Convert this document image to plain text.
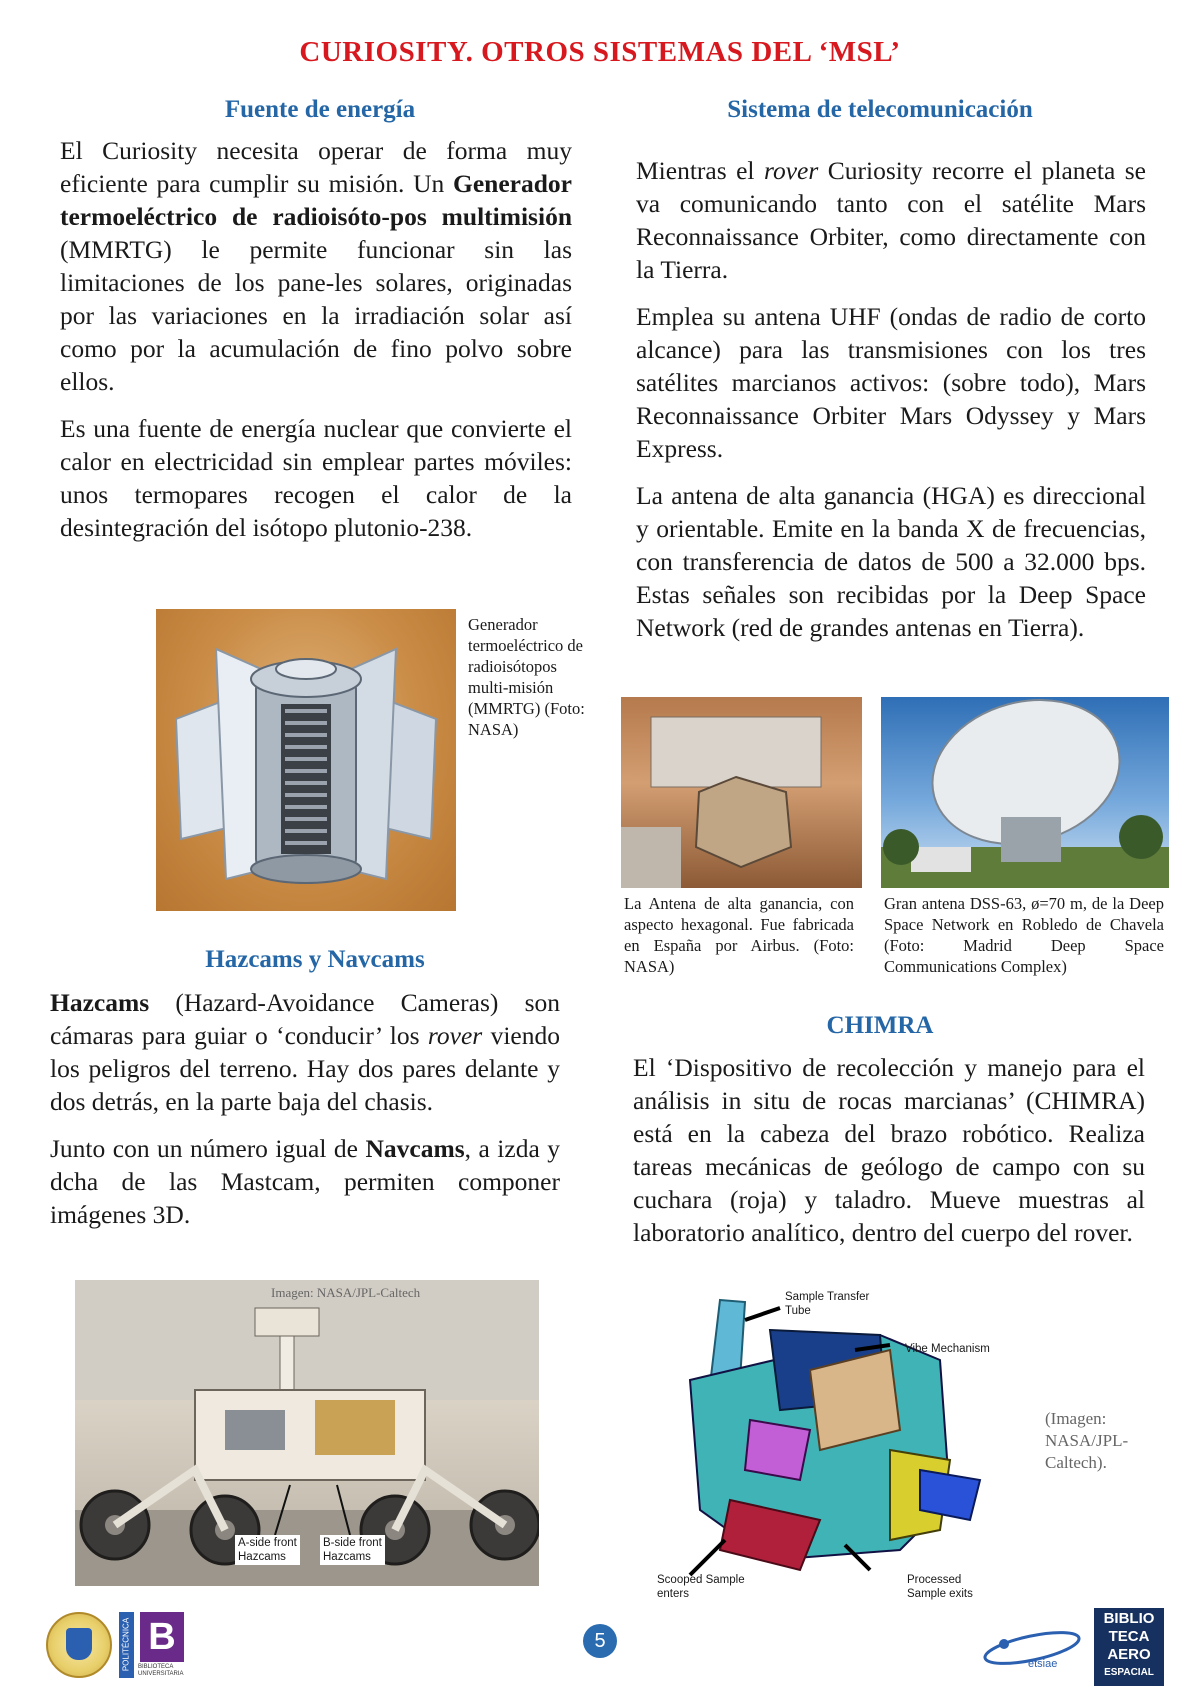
CURIOSITY. OTROS SISTEMAS DEL ‘MSL’
Fuente de energía

El Curiosity necesita operar de forma muy eficiente para cumplir su misión. Un Generador termoeléctrico de radioisóto-pos multimisión (MMRTG) le permite funcionar sin las limitaciones de los pane-les solares, originadas por las variaciones en la irradiación solar así como por la acumulación de fino polvo sobre ellos.

Es una fuente de energía nuclear que convierte el calor en electricidad sin emplear partes móviles: unos termopares recogen el calor de la desintegración del isótopo plutonio-238.

Generador termoeléctrico de radioisótopos multi-misión (MMRTG) (Foto: NASA)
Hazcams y Navcams

Hazcams (Hazard-Avoidance Cameras) son cámaras para guiar o ‘conducir’ los rover viendo los peligros del terreno. Hay dos pares delante y dos detrás, en la parte baja del chasis.

Junto con un número igual de Navcams, a izda y dcha de las Mastcam, permiten componer imágenes 3D.

Imagen: NASA/JPL-Caltech
A-side front
Hazcams
B-side front
Hazcams
Sistema de telecomunicación

Mientras el rover Curiosity recorre el planeta se va comunicando tanto con el satélite Mars Reconnaissance Orbiter, como directamente con la Tierra.

Emplea su antena UHF (ondas de radio de corto alcance) para las transmisiones con los tres satélites marcianos activos: (sobre todo), Mars Reconnaissance Orbiter Mars Odyssey y Mars Express.

La antena de alta ganancia (HGA) es direccional y orientable. Emite en la banda X de frecuencias, con transferencia de datos de 500 a 32.000 bps. Estas señales son recibidas por la Deep Space Network (red de grandes antenas en Tierra).

La Antena de alta ganancia, con aspecto hexagonal. Fue fabricada en España por Airbus. (Foto: NASA)
Gran antena DSS-63, ø=70 m, de la Deep Space Network en Robledo de Chavela (Foto: Madrid Deep Space Communications Complex)
CHIMRA

El ‘Dispositivo de recolección y manejo para el análisis in situ de rocas marcianas’ (CHIMRA) está en la cabeza del brazo robótico. Realiza tareas mecánicas de geólogo de campo con su cuchara (roja) y taladro. Mueve muestras al laboratorio analítico, dentro del cuerpo del rover.

Sample Transfer
Tube
Vibe Mechanism
Scooped Sample
enters
Processed
Sample exits
(Imagen: NASA/JPL-Caltech).
POLITÉCNICA B
BIBLIOTECA UNIVERSITARIA
5
etsiae
BIBLIO
TECA
AERO
ESPACIAL
